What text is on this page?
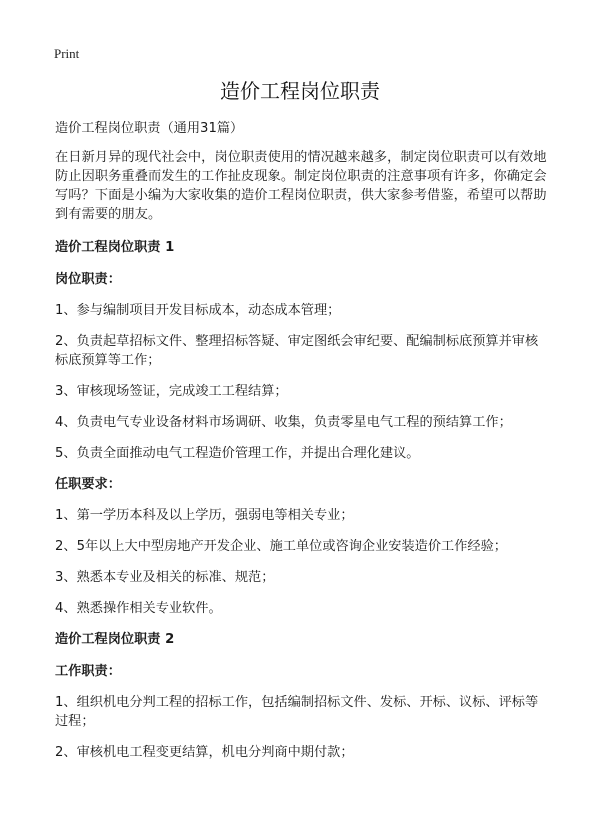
Print
造价工程岗位职责

造价工程岗位职责（通用31篇）

在日新月异的现代社会中，岗位职责使用的情况越来越多，制定岗位职责可以有效地防止因职务重叠而发生的工作扯皮现象。制定岗位职责的注意事项有许多，你确定会写吗？下面是小编为大家收集的造价工程岗位职责，供大家参考借鉴，希望可以帮助到有需要的朋友。

造价工程岗位职责 1
岗位职责：

1、参与编制项目开发目标成本，动态成本管理；

2、负责起草招标文件、整理招标答疑、审定图纸会审纪要、配编制标底预算并审核标底预算等工作；

3、审核现场签证，完成竣工工程结算；

4、负责电气专业设备材料市场调研、收集，负责零星电气工程的预结算工作；

5、负责全面推动电气工程造价管理工作，并提出合理化建议。

任职要求：

1、第一学历本科及以上学历，强弱电等相关专业；

2、5年以上大中型房地产开发企业、施工单位或咨询企业安装造价工作经验；

3、熟悉本专业及相关的标准、规范；

4、熟悉操作相关专业软件。

造价工程岗位职责 2
工作职责：

1、组织机电分判工程的招标工作，包括编制招标文件、发标、开标、议标、评标等过程；

2、审核机电工程变更结算，机电分判商中期付款；
